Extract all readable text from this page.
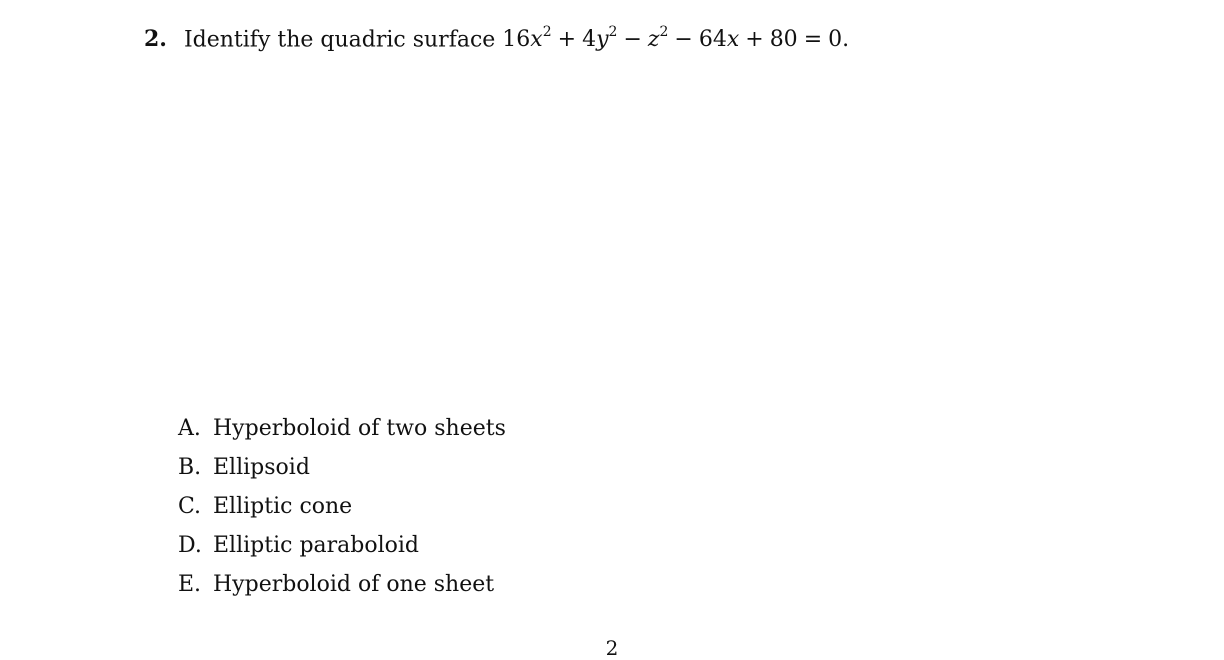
2. Identify the quadric surface $16x^2 + 4y^2 - z^2 - 64x + 80 = 0$.
A. Hyperboloid of two sheets
B. Ellipsoid
C. Elliptic cone
D. Elliptic paraboloid
E. Hyperboloid of one sheet
2
